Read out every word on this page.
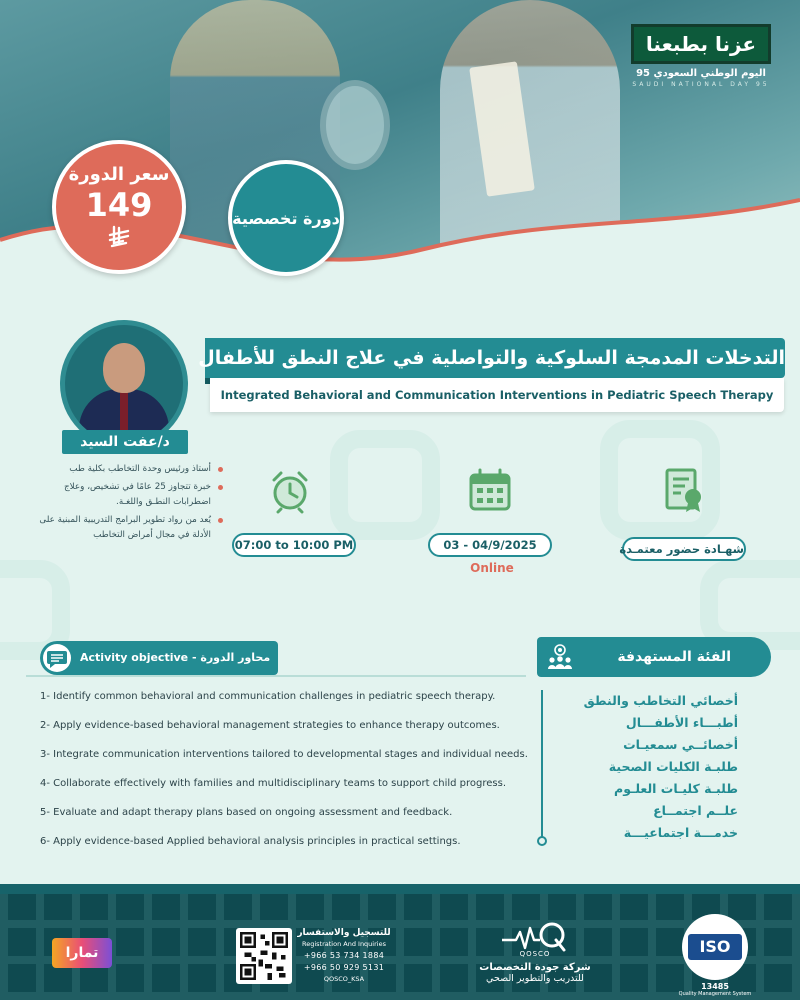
عزنا بطبعنا
اليوم الوطني السعودي 95
SAUDI NATIONAL DAY 95
سعر الدورة
149	دورة تخصصية
د/عفت السيد
أستاذ ورئيس وحدة التخاطب بكلية طب
خبرة تتجاوز 25 عامًا في تشخيص، وعلاج اضطرابات النطـق واللغـة.
يُعد من رواد تطوير البرامج التدريبية المبنية على الأدلة في مجال أمراض التخاطب
التدخلات المدمجة السلوكية والتواصلية في علاج النطق للأطفال
Integrated Behavioral and Communication Interventions in Pediatric Speech Therapy
07:00 to 10:00 PM	03 - 04/9/2025
Online
شهـادة حضور معتمـدة
Activity objective - محاور الدورة
1- Identify common behavioral and communication challenges in pediatric speech therapy.
2- Apply evidence-based behavioral management strategies to enhance therapy outcomes.
3- Integrate communication interventions tailored to developmental stages and individual needs.
4- Collaborate effectively with families and multidisciplinary teams to support child progress.
5- Evaluate and adapt therapy plans based on ongoing assessment and feedback.
6- Apply evidence-based Applied behavioral analysis principles in practical settings.
الفئة المستهدفة
أخصائي التخاطب والنطق
أطبـــاء الأطفـــال
أخصائــي سمعيـات
طلبـة الكليات الصحية
طلبـة كليـات العلـوم
علــم اجتمــاع
خدمـــة اجتماعيـــة
تمارا
للتسجيل والاستفسار
Registration And Inquiries
+966 53 734 1884
+966 50 929 5131
QOSCO_KSA
QOSCO
شركة جودة التخصصات
للتدريب والتطوير الصحي
ISO
13485
Quality Management System
